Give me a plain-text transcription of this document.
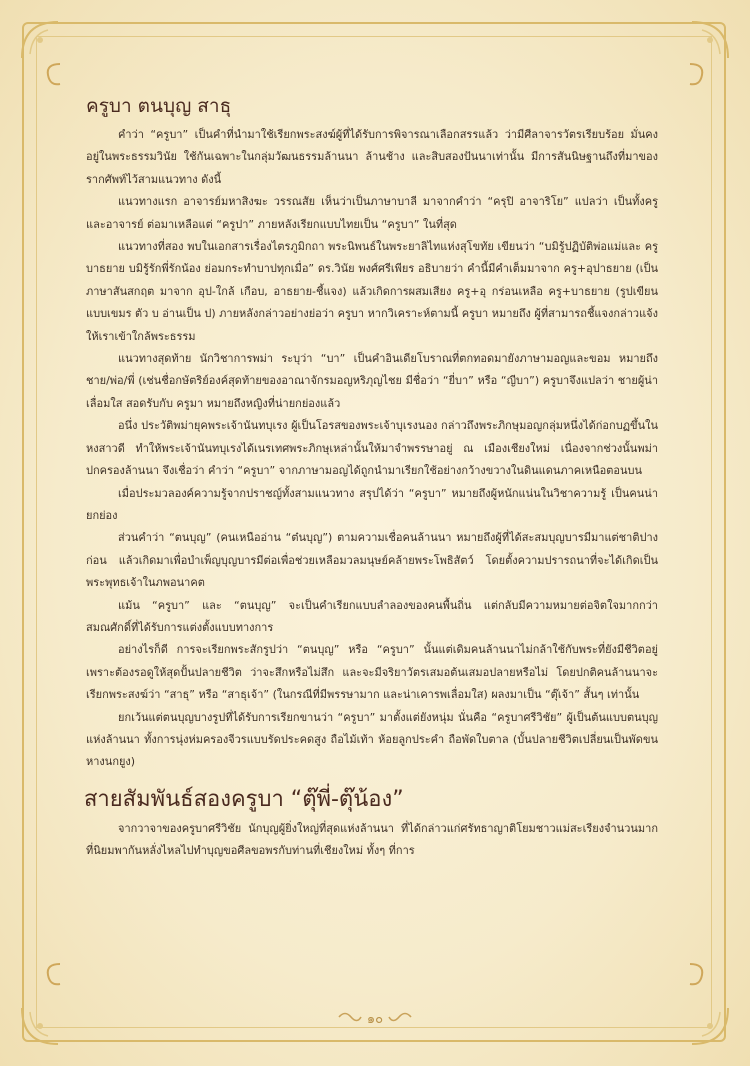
ครูบา ตนบุญ สาธุ

คำว่า “ครูบา” เป็นคำที่นำมาใช้เรียกพระสงฆ์ผู้ที่ได้รับการพิจารณาเลือกสรรแล้ว ว่ามีศีลาจารวัตรเรียบร้อย มั่นคงอยู่ในพระธรรมวินัย ใช้กันเฉพาะในกลุ่มวัฒนธรรมล้านนา ล้านช้าง และสิบสองปันนาเท่านั้น มีการสันนิษฐานถึงที่มาของรากศัพท์ไว้สามแนวทาง ดังนี้

แนวทางแรก อาจารย์มหาสิงฆะ วรรณสัย เห็นว่าเป็นภาษาบาลี มาจากคำว่า “ครุปิ อาจาริโย” แปลว่า เป็นทั้งครูและอาจารย์ ต่อมาเหลือแต่ “ครูปา” ภายหลังเรียกแบบไทยเป็น “ครูบา” ในที่สุด

แนวทางที่สอง พบในเอกสารเรื่องไตรภูมิกถา พระนิพนธ์ในพระยาลิไทแห่งสุโขทัย เขียนว่า “บมิรู้ปฏิบัติพ่อแม่และ ครูบาธยาย บมิรู้รักพี่รักน้อง ย่อมกระทำบาปทุกเมื่อ” ดร.วินัย พงศ์ศรีเพียร อธิบายว่า คำนี้มีคำเต็มมาจาก ครู+อุปาธยาย (เป็นภาษาสันสกฤต มาจาก อุป-ใกล้ เกือบ, อาธยาย-ชี้แจง) แล้วเกิดการผสมเสียง ครู+อุ กร่อนเหลือ ครู+บาธยาย (รูปเขียนแบบเขมร ตัว บ อ่านเป็น ป) ภายหลังกล่าวอย่างย่อว่า ครูบา หากวิเคราะห์ตามนี้ ครูบา หมายถึง ผู้ที่สามารถชี้แจงกล่าวแจ้งให้เราเข้าใกล้พระธรรม

แนวทางสุดท้าย นักวิชาการพม่า ระบุว่า “บา” เป็นคำอินเดียโบราณที่ตกทอดมายังภาษามอญและขอม หมายถึง ชาย/พ่อ/พี่ (เช่นชื่อกษัตริย์องค์สุดท้ายของอาณาจักรมอญหริภุญไชย มีชื่อว่า “ยี่บา” หรือ “ญีบา”) ครูบาจึงแปลว่า ชายผู้น่าเลื่อมใส สอดรับกับ ครูมา หมายถึงหญิงที่น่ายกย่องแล้ว

อนึ่ง ประวัติพม่ายุคพระเจ้านันทบุเรง ผู้เป็นโอรสของพระเจ้าบุเรงนอง กล่าวถึงพระภิกษุมอญกลุ่มหนึ่งได้ก่อกบฏขึ้นในหงสาวดี ทำให้พระเจ้านันทบุเรงได้เนรเทศพระภิกษุเหล่านั้นให้มาจำพรรษาอยู่ ณ เมืองเชียงใหม่ เนื่องจากช่วงนั้นพม่าปกครองล้านนา จึงเชื่อว่า คำว่า “ครูบา” จากภาษามอญได้ถูกนำมาเรียกใช้อย่างกว้างขวางในดินแดนภาคเหนือตอนบน

เมื่อประมวลองค์ความรู้จากปราชญ์ทั้งสามแนวทาง สรุปได้ว่า “ครูบา” หมายถึงผู้หนักแน่นในวิชาความรู้ เป็นคนน่ายกย่อง

ส่วนคำว่า “ตนบุญ” (คนเหนืออ่าน “ต๋นบุญ”) ตามความเชื่อคนล้านนา หมายถึงผู้ที่ได้สะสมบุญบารมีมาแต่ชาติปางก่อน แล้วเกิดมาเพื่อบำเพ็ญบุญบารมีต่อเพื่อช่วยเหลือมวลมนุษย์คล้ายพระโพธิสัตว์ โดยตั้งความปรารถนาที่จะได้เกิดเป็นพระพุทธเจ้าในภพอนาคต

แม้น “ครูบา” และ “ตนบุญ” จะเป็นคำเรียกแบบลำลองของคนพื้นถิ่น แต่กลับมีความหมายต่อจิตใจมากกว่าสมณศักดิ์ที่ได้รับการแต่งตั้งแบบทางการ

อย่างไรก็ดี การจะเรียกพระสักรูปว่า “ตนบุญ” หรือ “ครูบา” นั้นแต่เดิมคนล้านนาไม่กล้าใช้กับพระที่ยังมีชีวิตอยู่ เพราะต้องรอดูให้สุดปั้นปลายชีวิต ว่าจะสึกหรือไม่สึก และจะมีจริยาวัตรเสมอต้นเสมอปลายหรือไม่ โดยปกติคนล้านนาจะเรียกพระสงฆ์ว่า “สาธุ” หรือ “สาธุเจ้า” (ในกรณีที่มีพรรษามาก และน่าเคารพเลื่อมใส) ผลงมาเป็น “ตุ๊เจ้า” สั้นๆ เท่านั้น

ยกเว้นแต่ตนบุญบางรูปที่ได้รับการเรียกขานว่า “ครูบา” มาตั้งแต่ยังหนุ่ม นั่นคือ “ครูบาศรีวิชัย” ผู้เป็นต้นแบบตนบุญแห่งล้านนา ทั้งการนุ่งห่มครองจีวรแบบรัดประคดสูง ถือไม้เท้า ห้อยลูกประคำ ถือพัดใบตาล (บั้นปลายชีวิตเปลี่ยนเป็นพัดขนหางนกยูง)

สายสัมพันธ์สองครูบา “ตุ๊พี่-ตุ๊น้อง”

จากวาจาของครูบาศรีวิชัย นักบุญผู้ยิ่งใหญ่ที่สุดแห่งล้านนา ที่ได้กล่าวแก่ศรัทธาญาติโยมชาวแม่สะเรียงจำนวนมากที่นิยมพากันหลั่งไหลไปทำบุญขอศีลขอพรกับท่านที่เชียงใหม่ ทั้งๆ ที่การ

๑๐
